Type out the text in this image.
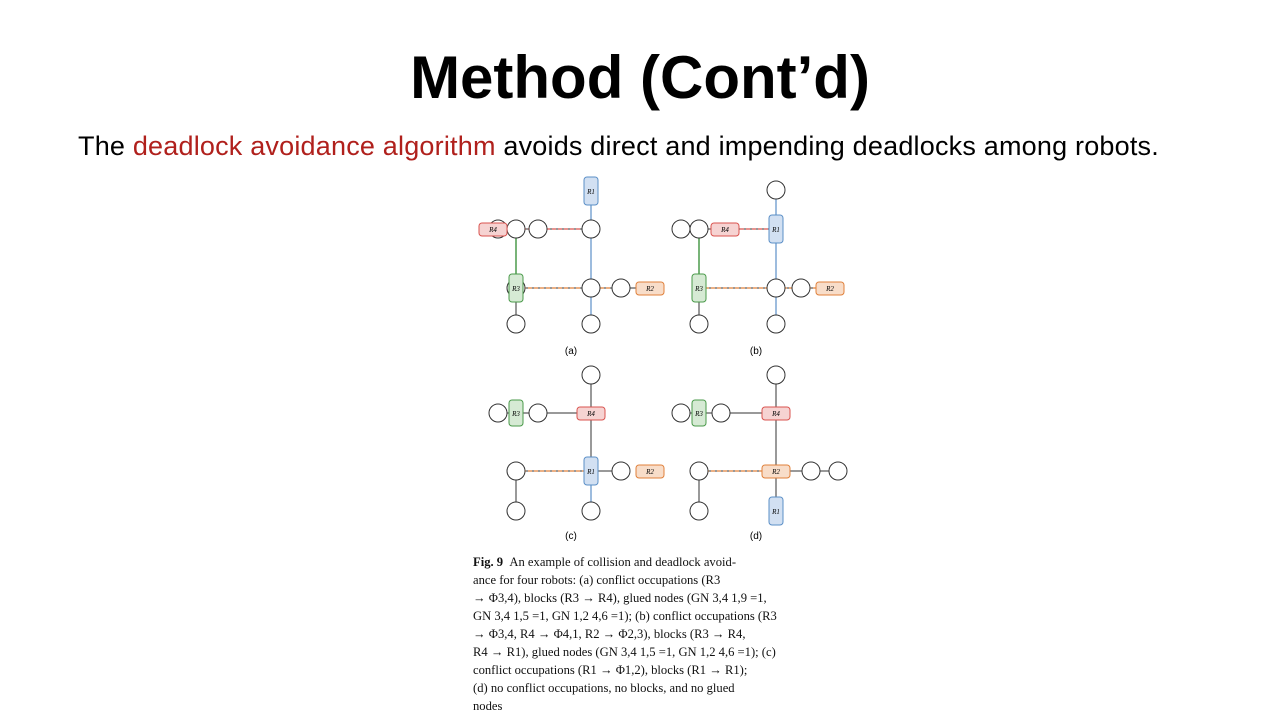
Method (Cont’d)
The deadlock avoidance algorithm avoids direct and impending deadlocks among robots.
R4
R1
R3	R2
(a)
R4	R1
R3	R2
(b)
R3	R4
R1	R2
(c)
R3	R4
R2
R1
(d)
Fig. 9 An example of collision and deadlock avoid-
ance for four robots: (a) conflict occupations (R3
→ Φ3,4), blocks (R3 → R4), glued nodes (GN 3,4 1,9 =1,
GN 3,4 1,5 =1, GN 1,2 4,6 =1); (b) conflict occupations (R3
→ Φ3,4, R4 → Φ4,1, R2 → Φ2,3), blocks (R3 → R4,
R4 → R1), glued nodes (GN 3,4 1,5 =1, GN 1,2 4,6 =1); (c)
conflict occupations (R1 → Φ1,2), blocks (R1 → R1);
(d) no conflict occupations, no blocks, and no glued
nodes
